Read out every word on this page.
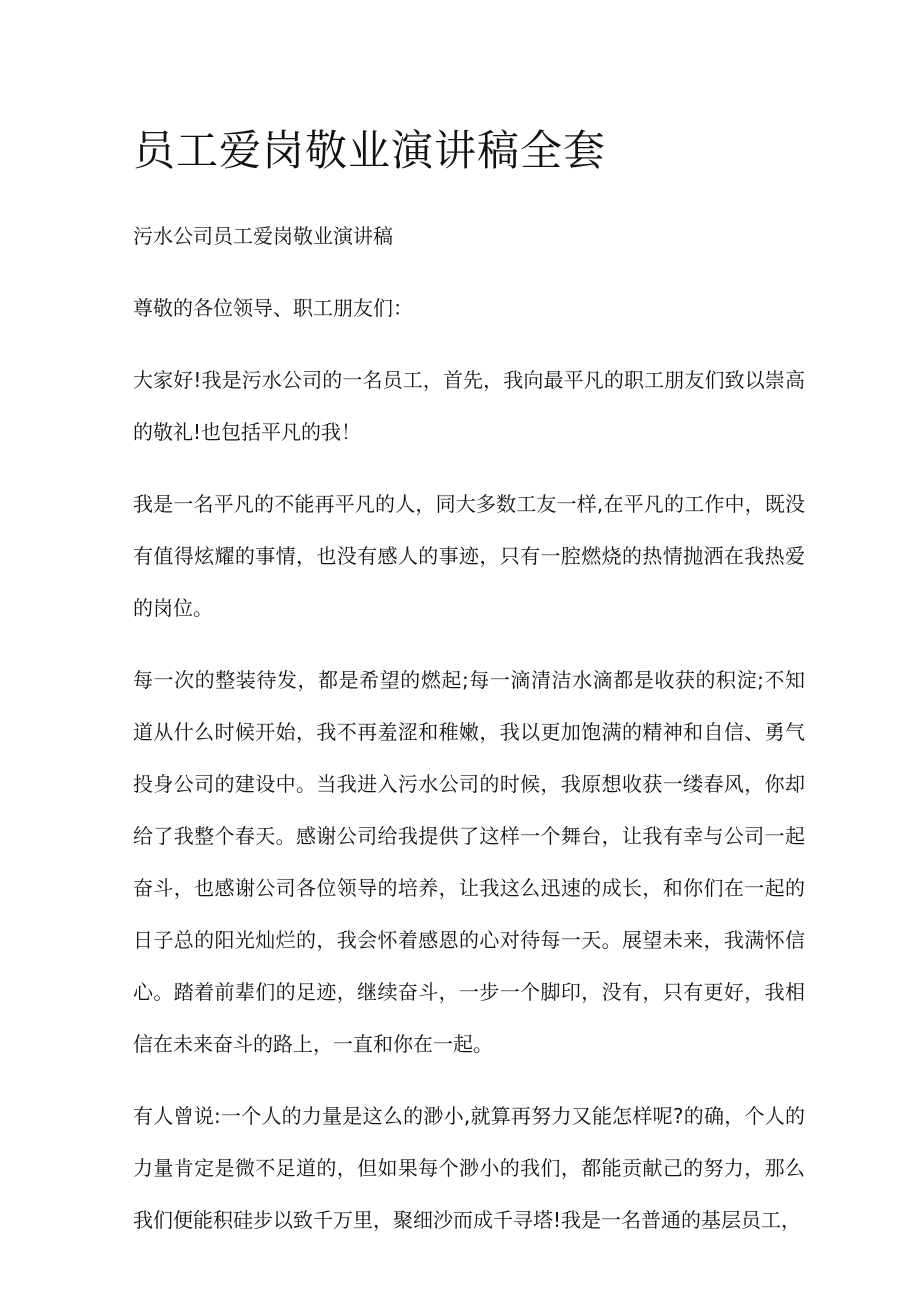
员工爱岗敬业演讲稿全套

污水公司员工爱岗敬业演讲稿

尊敬的各位领导、职工朋友们：

大家好!我是污水公司的一名员工，首先，我向最平凡的职工朋友们致以崇高的敬礼!也包括平凡的我！

我是一名平凡的不能再平凡的人，同大多数工友一样,在平凡的工作中，既没有值得炫耀的事情，也没有感人的事迹，只有一腔燃烧的热情抛洒在我热爱的岗位。

每一次的整装待发，都是希望的燃起;每一滴清洁水滴都是收获的积淀;不知道从什么时候开始，我不再羞涩和稚嫩，我以更加饱满的精神和自信、勇气投身公司的建设中。当我进入污水公司的时候，我原想收获一缕春风，你却给了我整个春天。感谢公司给我提供了这样一个舞台，让我有幸与公司一起奋斗，也感谢公司各位领导的培养，让我这么迅速的成长，和你们在一起的日子总的阳光灿烂的，我会怀着感恩的心对待每一天。展望未来，我满怀信心。踏着前辈们的足迹，继续奋斗，一步一个脚印，没有，只有更好，我相信在未来奋斗的路上，一直和你在一起。

有人曾说:一个人的力量是这么的渺小,就算再努力又能怎样呢?的确，个人的力量肯定是微不足道的，但如果每个渺小的我们，都能贡献己的努力，那么我们便能积硅步以致千万里，聚细沙而成千寻塔!我是一名普通的基层员工，
